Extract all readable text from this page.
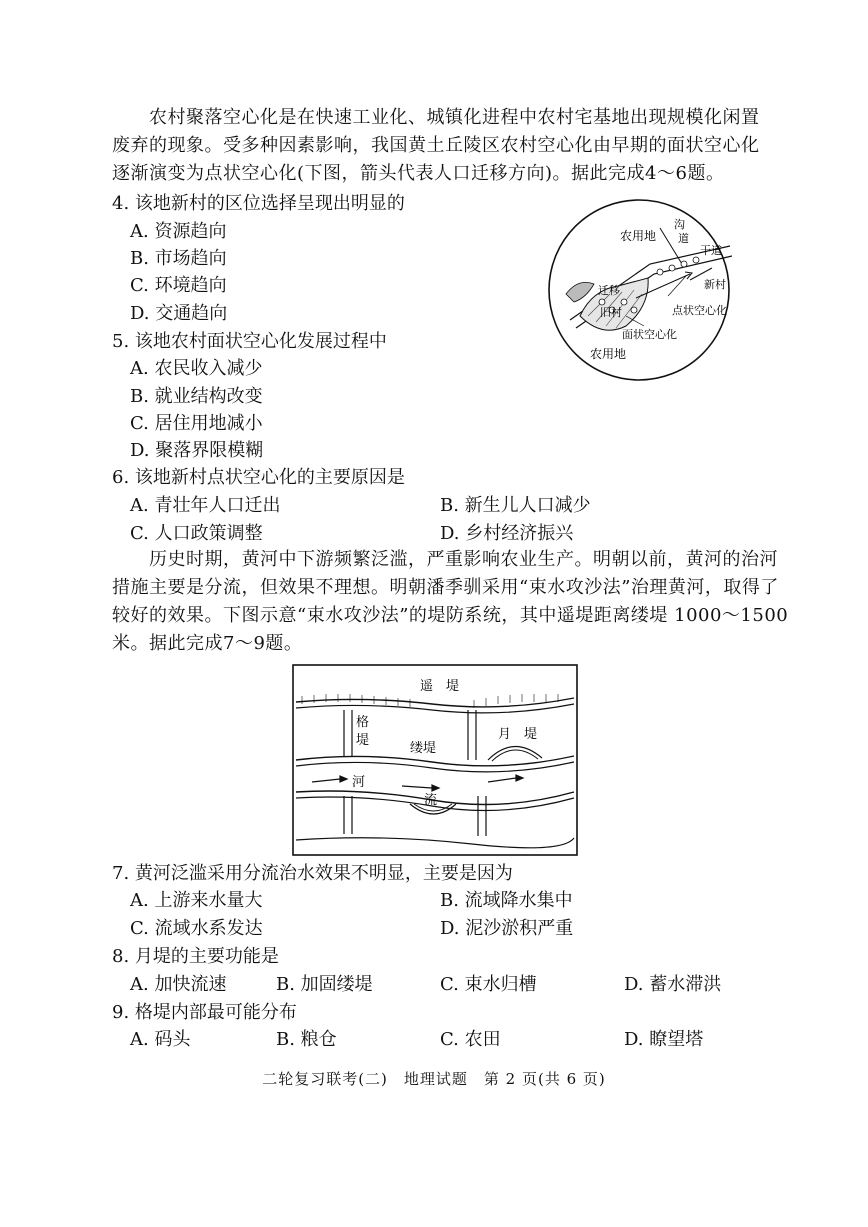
　　农村聚落空心化是在快速工业化、城镇化进程中农村宅基地出现规模化闲置
废弃的现象。受多种因素影响，我国黄土丘陵区农村空心化由早期的面状空心化
逐渐演变为点状空心化(下图，箭头代表人口迁移方向)。据此完成4～6题。
4. 该地新村的区位选择呈现出明显的
A. 资源趋向
B. 市场趋向
C. 环境趋向
D. 交通趋向
农用地
沟
道
干道
迁移
旧村
新村
点状空心化
面状空心化
农用地
5. 该地农村面状空心化发展过程中
A. 农民收入减少
B. 就业结构改变
C. 居住用地减小
D. 聚落界限模糊
6. 该地新村点状空心化的主要原因是
A. 青壮年人口迁出	B. 新生儿人口减少
C. 人口政策调整	D. 乡村经济振兴
　　历史时期，黄河中下游频繁泛滥，严重影响农业生产。明朝以前，黄河的治河
措施主要是分流，但效果不理想。明朝潘季驯采用“束水攻沙法”治理黄河，取得了
较好的效果。下图示意“束水攻沙法”的堤防系统，其中遥堤距离缕堤 1000～1500
米。据此完成7～9题。
遥　堤
格
堤
缕堤
月　堤
河
流
7. 黄河泛滥采用分流治水效果不明显，主要是因为
A. 上游来水量大	B. 流域降水集中
C. 流域水系发达	D. 泥沙淤积严重
8. 月堤的主要功能是
A. 加快流速	B. 加固缕堤	C. 束水归槽	D. 蓄水滞洪
9. 格堤内部最可能分布
A. 码头	B. 粮仓	C. 农田	D. 瞭望塔
二轮复习联考(二)　地理试题　第 2 页(共 6 页)
